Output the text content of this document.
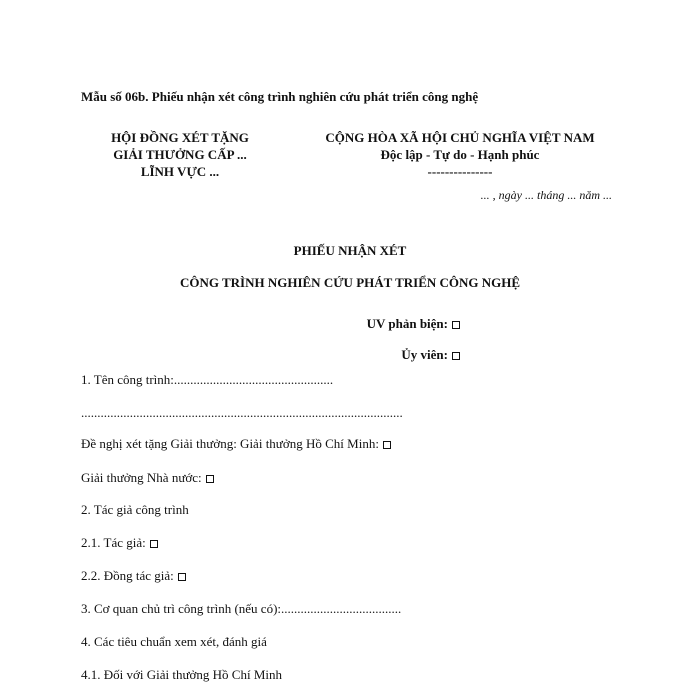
Mẫu số 06b. Phiếu nhận xét công trình nghiên cứu phát triển công nghệ
HỘI ĐỒNG XÉT TẶNG
GIẢI THƯỞNG CẤP ...
LĨNH VỰC ...
CỘNG HÒA XÃ HỘI CHỦ NGHĨA VIỆT NAM
Độc lập - Tự do - Hạnh phúc
---------------
... , ngày ... tháng ... năm ...
PHIẾU NHẬN XÉT
CÔNG TRÌNH NGHIÊN CỨU PHÁT TRIỂN CÔNG NGHỆ
UV phản biện:
Ủy viên:
1. Tên công trình:.................................................
...................................................................................................
Đề nghị xét tặng Giải thưởng: Giải thưởng Hồ Chí Minh:
Giải thưởng Nhà nước:
2. Tác giả công trình
2.1. Tác giả:
2.2. Đồng tác giả:
3. Cơ quan chủ trì công trình (nếu có):.....................................
4. Các tiêu chuẩn xem xét, đánh giá
4.1. Đối với Giải thưởng Hồ Chí Minh
